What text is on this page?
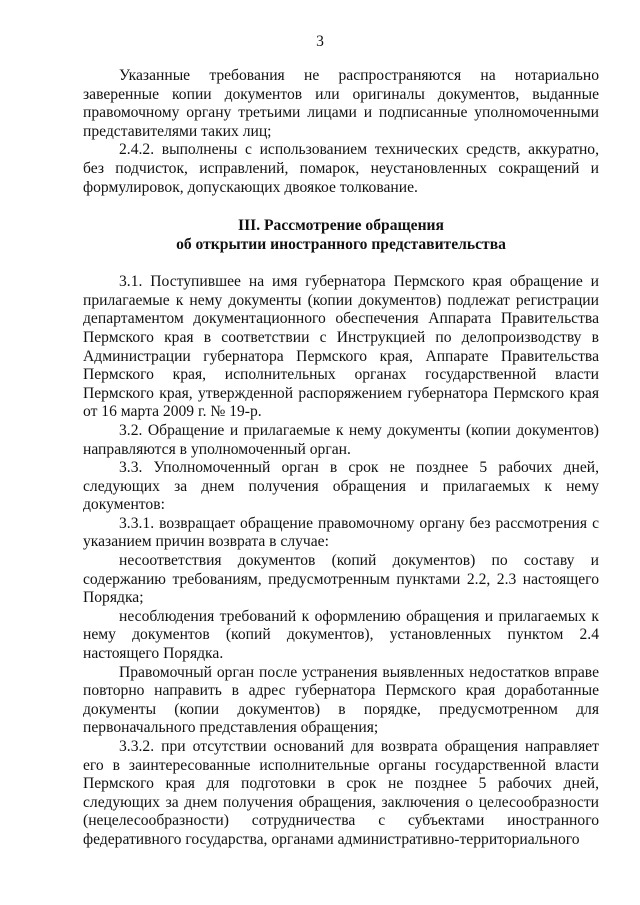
3

Указанные требования не распространяются на нотариально заверенные копии документов или оригиналы документов, выданные правомочному органу третьими лицами и подписанные уполномоченными представителями таких лиц;

2.4.2. выполнены с использованием технических средств, аккуратно, без подчисток, исправлений, помарок, неустановленных сокращений и формулировок, допускающих двоякое толкование.

III. Рассмотрение обращения
об открытии иностранного представительства

3.1. Поступившее на имя губернатора Пермского края обращение и прилагаемые к нему документы (копии документов) подлежат регистрации департаментом документационного обеспечения Аппарата Правительства Пермского края в соответствии с Инструкцией по делопроизводству в Администрации губернатора Пермского края, Аппарате Правительства Пермского края, исполнительных органах государственной власти Пермского края, утвержденной распоряжением губернатора Пермского края от 16 марта 2009 г. № 19-р.

3.2. Обращение и прилагаемые к нему документы (копии документов) направляются в уполномоченный орган.

3.3. Уполномоченный орган в срок не позднее 5 рабочих дней, следующих за днем получения обращения и прилагаемых к нему документов:

3.3.1. возвращает обращение правомочному органу без рассмотрения с указанием причин возврата в случае:

несоответствия документов (копий документов) по составу и содержанию требованиям, предусмотренным пунктами 2.2, 2.3 настоящего Порядка;

несоблюдения требований к оформлению обращения и прилагаемых к нему документов (копий документов), установленных пунктом 2.4 настоящего Порядка.

Правомочный орган после устранения выявленных недостатков вправе повторно направить в адрес губернатора Пермского края доработанные документы (копии документов) в порядке, предусмотренном для первоначального представления обращения;

3.3.2. при отсутствии оснований для возврата обращения направляет его в заинтересованные исполнительные органы государственной власти Пермского края для подготовки в срок не позднее 5 рабочих дней, следующих за днем получения обращения, заключения о целесообразности (нецелесообразности) сотрудничества с субъектами иностранного федеративного государства, органами административно-территориального
